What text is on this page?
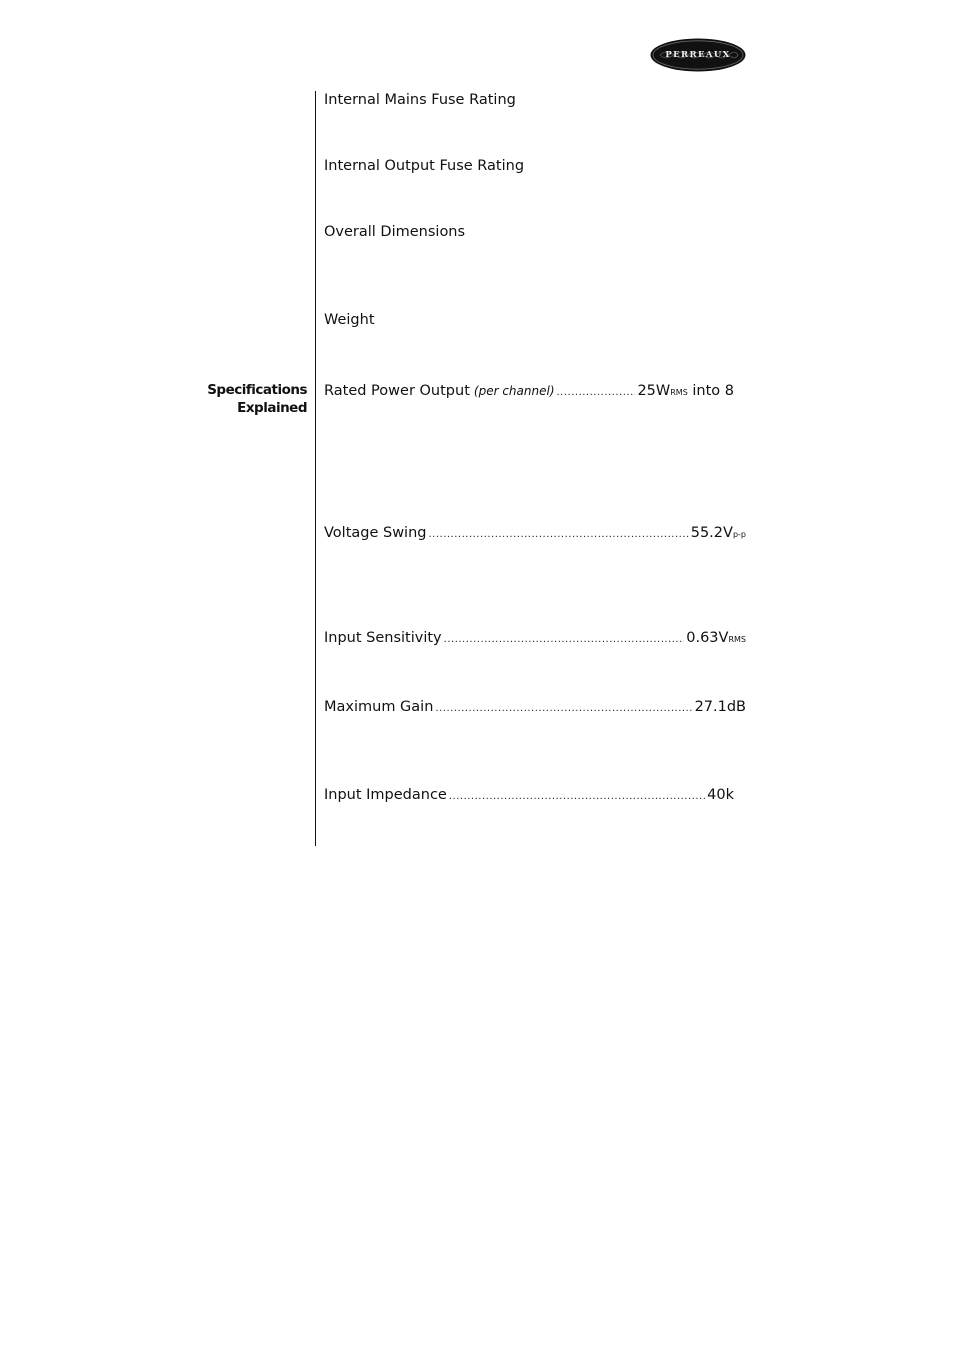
PERREAUX
Specifications
Explained
Internal Mains Fuse Rating
Internal Output Fuse Rating
Overall Dimensions
Weight
Rated Power Output ( per channel ) .....	25W RMS into 8
Voltage Swing .....	55.2V p-p
Input Sensitivity .....	0.63V RMS
Maximum Gain .....	27.1dB
Input Impedance .....	40k
